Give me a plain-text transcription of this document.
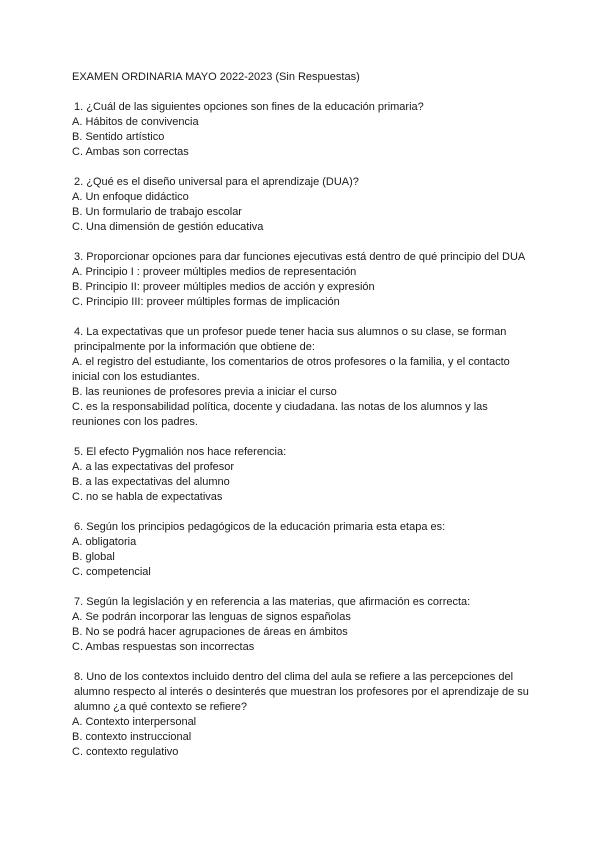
EXAMEN ORDINARIA MAYO 2022-2023 (Sin Respuestas)

1. ¿Cuál de las siguientes opciones son fines de la educación primaria?

A. Hábitos de convivencia

B. Sentido artístico

C. Ambas son correctas

2. ¿Qué es el diseño universal para el aprendizaje (DUA)?

A. Un enfoque didáctico

B. Un formulario de trabajo escolar

C. Una dimensión de gestión educativa

3. Proporcionar opciones para dar funciones ejecutivas está dentro de qué principio del DUA

A. Principio I : proveer múltiples medios de representación

B. Principio II: proveer múltiples medios de acción y expresión

C. Principio III: proveer múltiples formas de implicación

4. La expectativas que un profesor puede tener hacia sus alumnos o su clase, se forman principalmente por la información que obtiene de:

A. el registro del estudiante, los comentarios de otros profesores o la familia, y el contacto inicial con los estudiantes.

B. las reuniones de profesores previa a iniciar el curso

C. es la responsabilidad política, docente y ciudadana. las notas de los alumnos y las reuniones con los padres.

5. El efecto Pygmalión nos hace referencia:

A. a las expectativas del profesor

B. a las expectativas del alumno

C. no se habla de expectativas

6. Según los principios pedagógicos de la educación primaria esta etapa es:

A. obligatoria

B. global

C. competencial

7. Según la legislación y en referencia a las materias, que afirmación es correcta:

A. Se podrán incorporar las lenguas de signos españolas

B. No se podrá hacer agrupaciones de áreas en ámbitos

C. Ambas respuestas son incorrectas

8. Uno de los contextos incluido dentro del clima del aula se refiere a las percepciones del alumno respecto al interés o desinterés que muestran los profesores por el aprendizaje de su alumno ¿a qué contexto se refiere?

A. Contexto interpersonal

B. contexto instruccional

C. contexto regulativo
